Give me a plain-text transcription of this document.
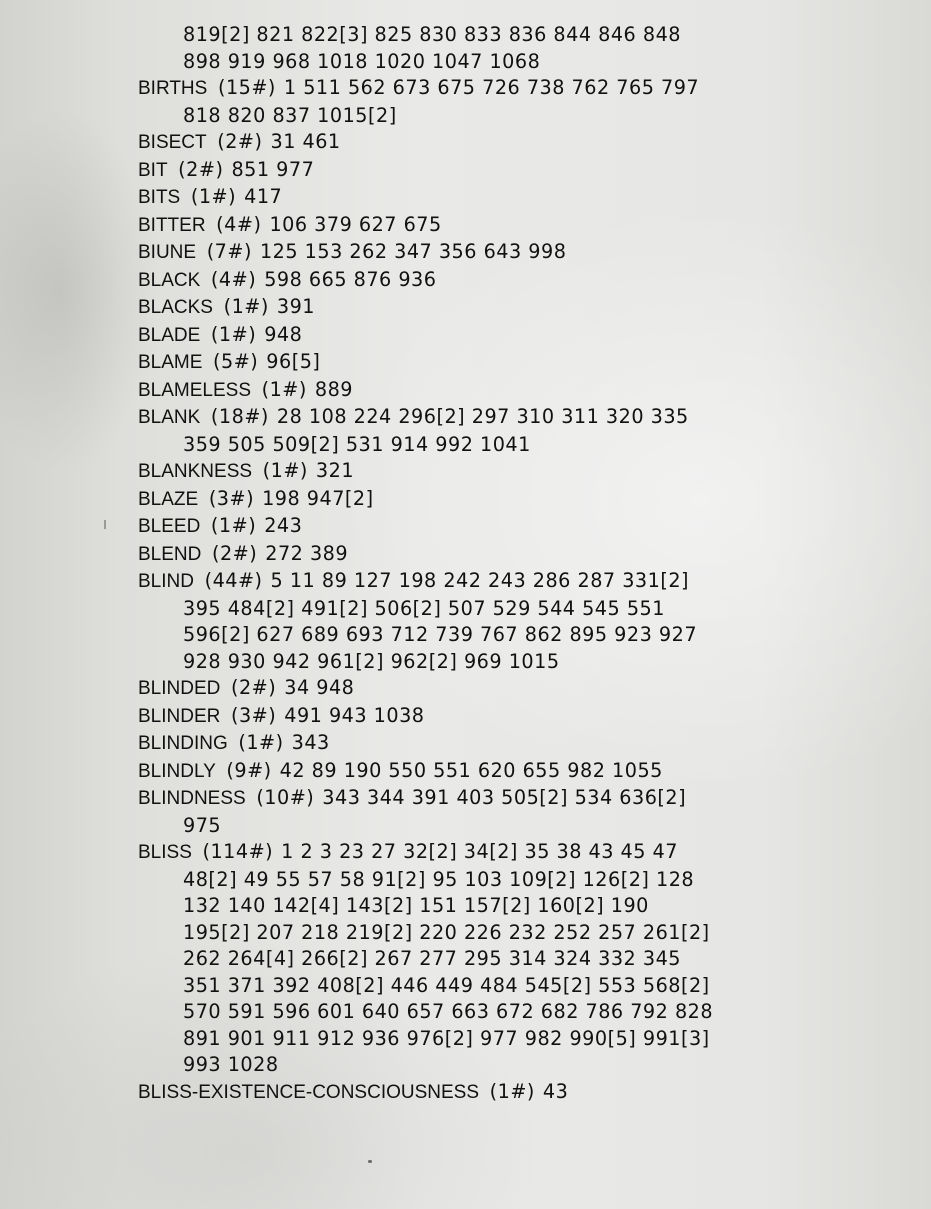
819[2] 821 822[3] 825 830 833 836 844 846 848
898 919 968 1018 1020 1047 1068
BIRTHS (15#) 1 511 562 673 675 726 738 762 765 797
818 820 837 1015[2]
BISECT (2#) 31 461
BIT (2#) 851 977
BITS (1#) 417
BITTER (4#) 106 379 627 675
BIUNE (7#) 125 153 262 347 356 643 998
BLACK (4#) 598 665 876 936
BLACKS (1#) 391
BLADE (1#) 948
BLAME (5#) 96[5]
BLAMELESS (1#) 889
BLANK (18#) 28 108 224 296[2] 297 310 311 320 335
359 505 509[2] 531 914 992 1041
BLANKNESS (1#) 321
BLAZE (3#) 198 947[2]
BLEED (1#) 243
BLEND (2#) 272 389
BLIND (44#) 5 11 89 127 198 242 243 286 287 331[2]
395 484[2] 491[2] 506[2] 507 529 544 545 551
596[2] 627 689 693 712 739 767 862 895 923 927
928 930 942 961[2] 962[2] 969 1015
BLINDED (2#) 34 948
BLINDER (3#) 491 943 1038
BLINDING (1#) 343
BLINDLY (9#) 42 89 190 550 551 620 655 982 1055
BLINDNESS (10#) 343 344 391 403 505[2] 534 636[2]
975
BLISS (114#) 1 2 3 23 27 32[2] 34[2] 35 38 43 45 47
48[2] 49 55 57 58 91[2] 95 103 109[2] 126[2] 128
132 140 142[4] 143[2] 151 157[2] 160[2] 190
195[2] 207 218 219[2] 220 226 232 252 257 261[2]
262 264[4] 266[2] 267 277 295 314 324 332 345
351 371 392 408[2] 446 449 484 545[2] 553 568[2]
570 591 596 601 640 657 663 672 682 786 792 828
891 901 911 912 936 976[2] 977 982 990[5] 991[3]
993 1028
BLISS-EXISTENCE-CONSCIOUSNESS (1#) 43
